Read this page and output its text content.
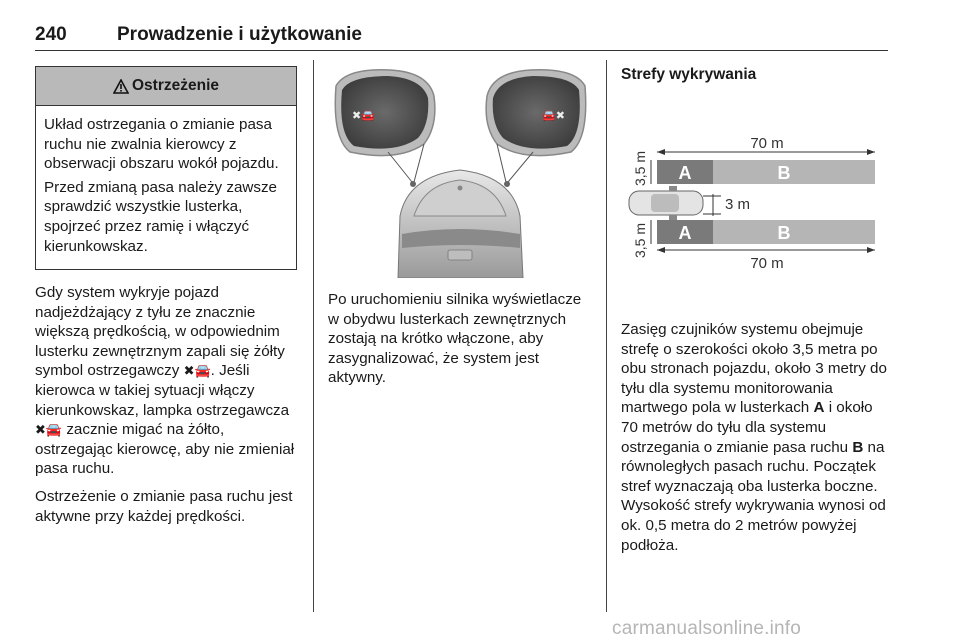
240	Prowadzenie i użytkowanie
Ostrzeżenie

Układ ostrzegania o zmianie pasa ruchu nie zwalnia kierowcy z obserwacji obszaru wokół pojazdu.

Przed zmianą pasa należy zawsze sprawdzić wszystkie lusterka, spojrzeć przez ramię i włączyć kierunkowskaz.

Gdy system wykryje pojazd nadjeżdżający z tyłu ze znacznie większą prędkością, w odpowiednim lusterku zewnętrznym zapali się żółty symbol ostrzegawczy ✖🚘. Jeśli kierowca w takiej sytuacji włączy kierunkowskaz, lampka ostrzegawcza ✖🚘 zacznie migać na żółto, ostrzegając kierowcę, aby nie zmieniał pasa ruchu.

Ostrzeżenie o zmianie pasa ruchu jest aktywne przy każdej prędkości.

✖🚘	🚘✖

Po uruchomieniu silnika wyświetlacze w obydwu lusterkach zewnętrznych zostają na krótko włączone, aby zasygnalizować, że system jest aktywny.

Strefy wykrywania
70 m
A	B
3,5 m
3 m
A	B
3,5 m
70 m

Zasięg czujników systemu obejmuje strefę o szerokości około 3,5 metra po obu stronach pojazdu, około 3 metry do tyłu dla systemu monitorowania martwego pola w lusterkach A i około 70 metrów do tyłu dla systemu ostrzegania o zmianie pasa ruchu B na równoległych pasach ruchu. Początek stref wyznaczają oba lusterka boczne. Wysokość strefy wykrywania wynosi od ok. 0,5 metra do 2 metrów powyżej podłoża.

carmanualsonline.info
